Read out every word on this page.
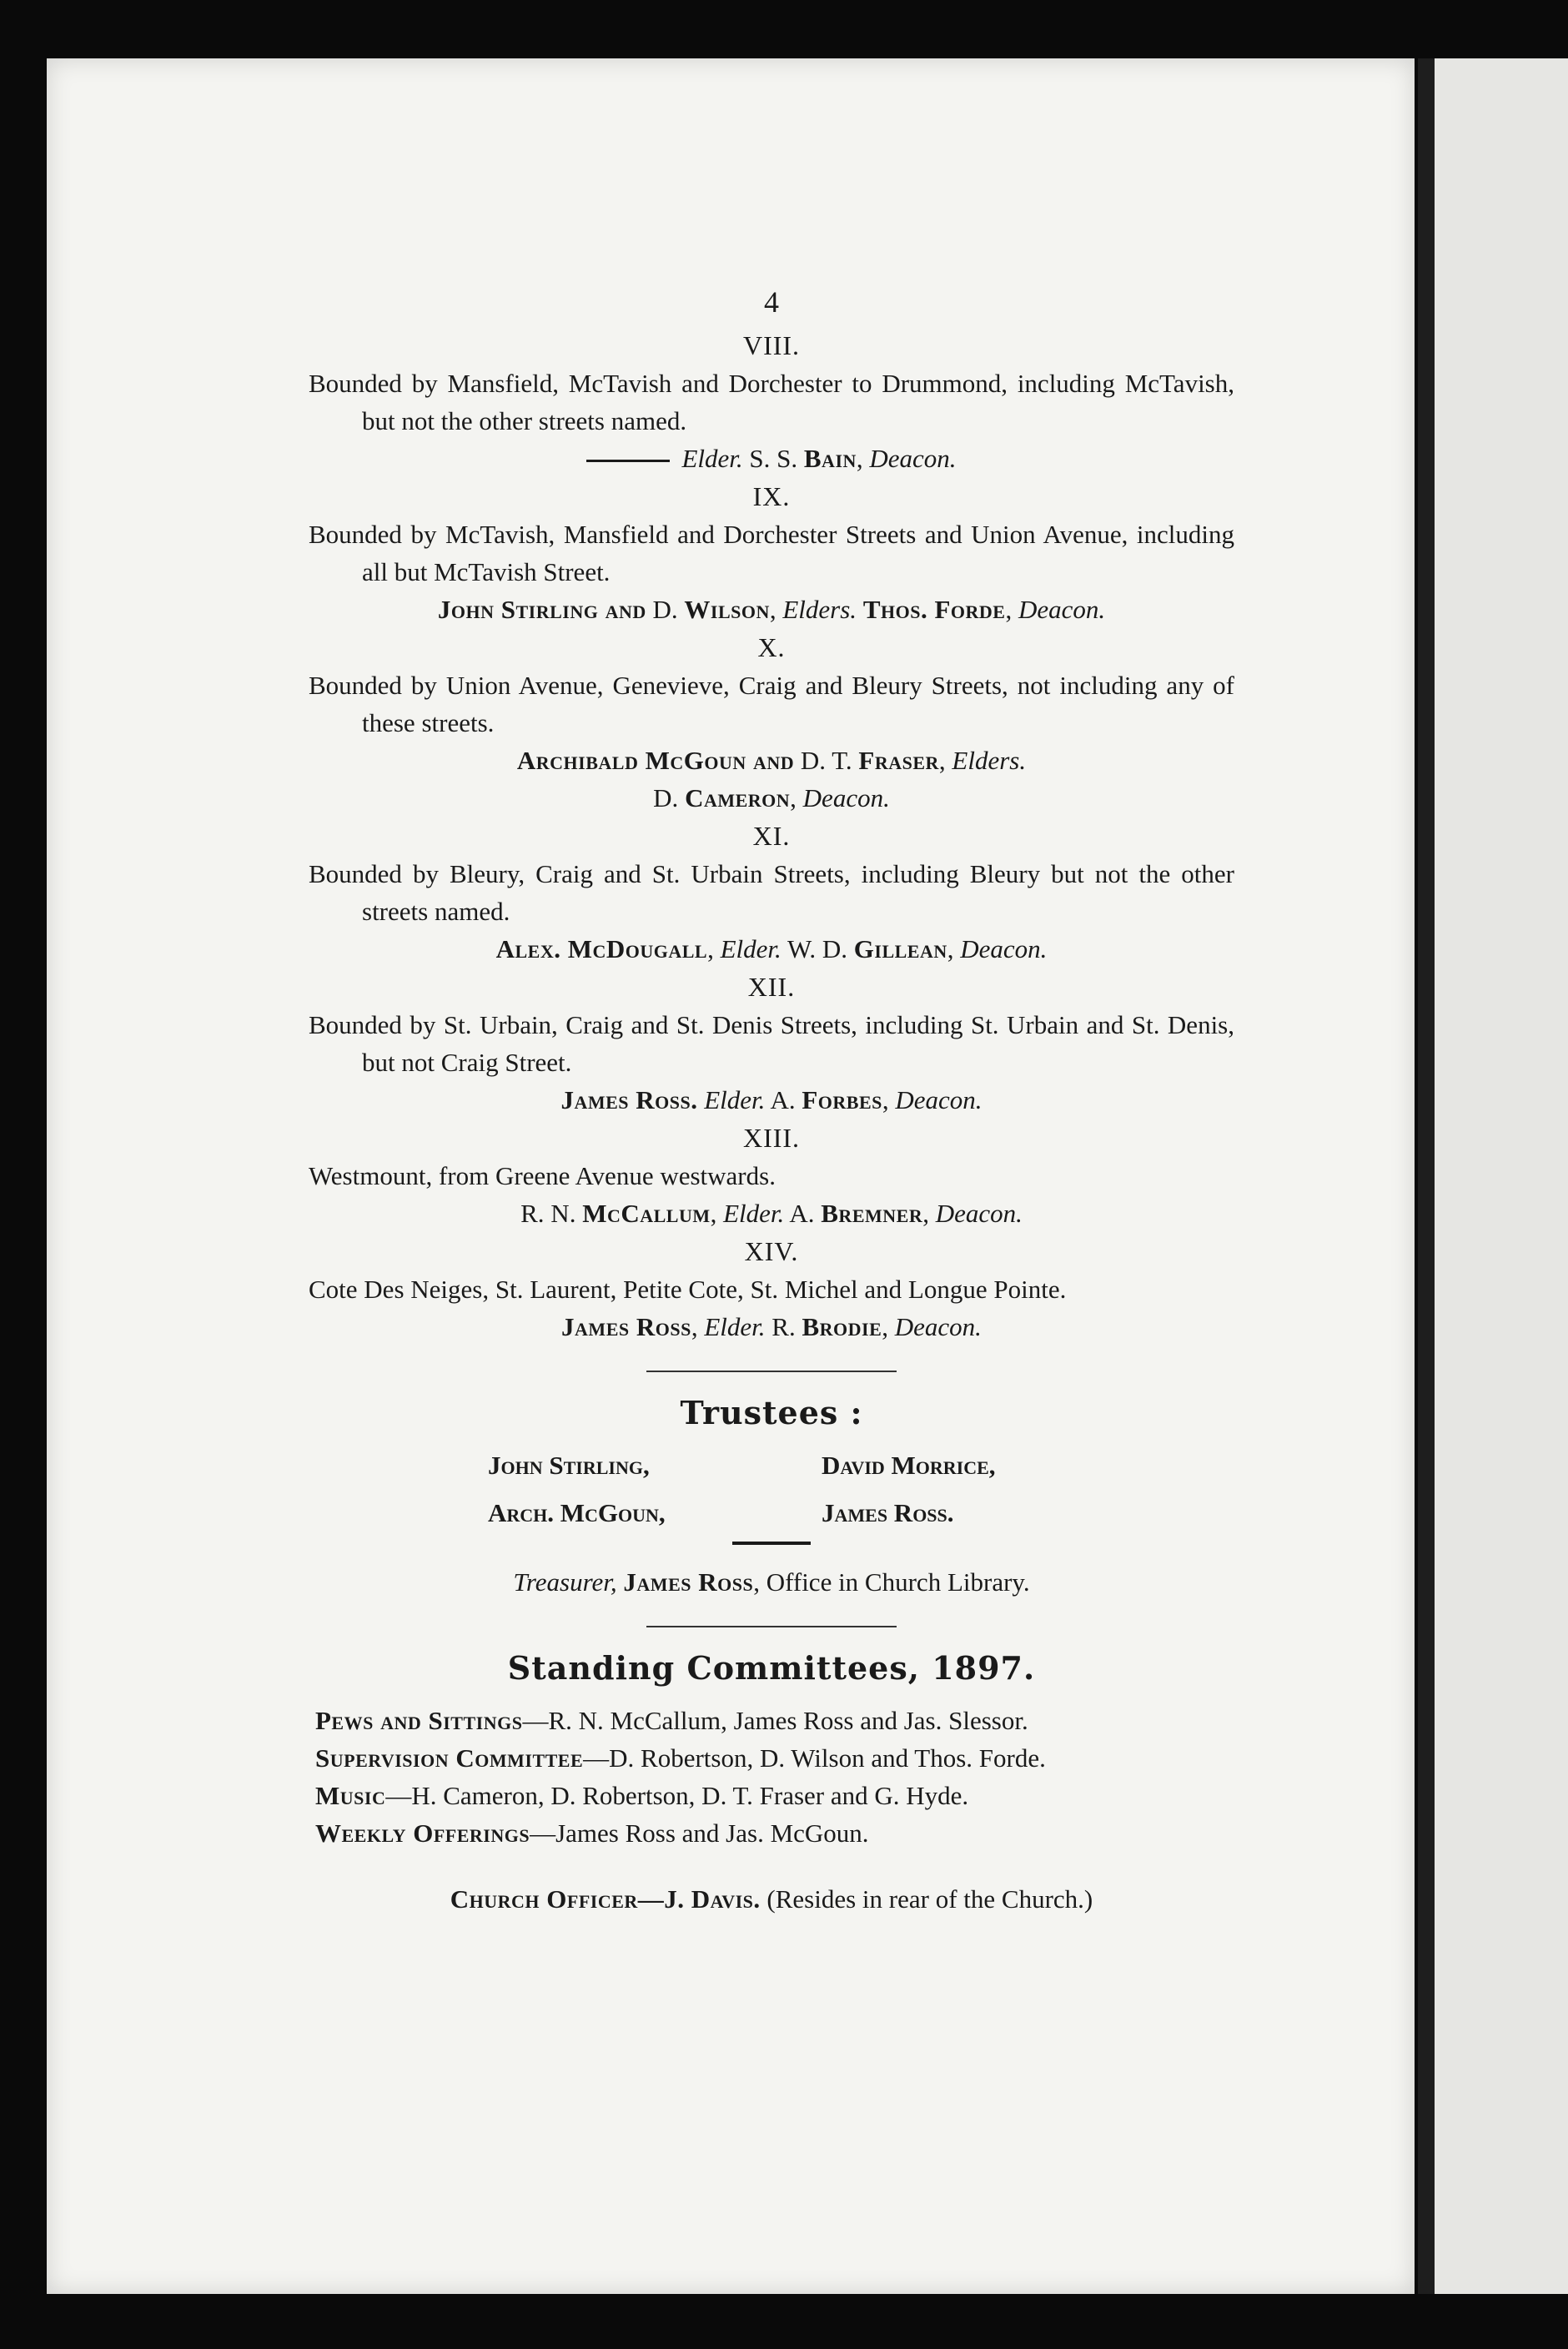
4
VIII.
Bounded by Mansfield, McTavish and Dorchester to Drummond, including McTavish, but not the other streets named.
Elder. S. S. Bain, Deacon.
IX.
Bounded by McTavish, Mansfield and Dorchester Streets and Union Avenue, including all but McTavish Street.
John Stirling and D. Wilson, Elders. Thos. Forde, Deacon.
X.
Bounded by Union Avenue, Genevieve, Craig and Bleury Streets, not including any of these streets.
Archibald McGoun and D. T. Fraser, Elders.
D. Cameron, Deacon.
XI.
Bounded by Bleury, Craig and St. Urbain Streets, including Bleury but not the other streets named.
Alex. McDougall, Elder. W. D. Gillean, Deacon.
XII.
Bounded by St. Urbain, Craig and St. Denis Streets, including St. Urbain and St. Denis, but not Craig Street.
James Ross. Elder. A. Forbes, Deacon.
XIII.
Westmount, from Greene Avenue westwards.
R. N. McCallum, Elder. A. Bremner, Deacon.
XIV.
Cote Des Neiges, St. Laurent, Petite Cote, St. Michel and Longue Pointe.
James Ross, Elder. R. Brodie, Deacon.
Trustees :
John Stirling,	David Morrice,
Arch. McGoun,	James Ross.
Treasurer, James Ross, Office in Church Library.
Standing Committees, 1897.
Pews and Sittings—R. N. McCallum, James Ross and Jas. Slessor.
Supervision Committee—D. Robertson, D. Wilson and Thos. Forde.
Music—H. Cameron, D. Robertson, D. T. Fraser and G. Hyde.
Weekly Offerings—James Ross and Jas. McGoun.
Church Officer—J. Davis. (Resides in rear of the Church.)
